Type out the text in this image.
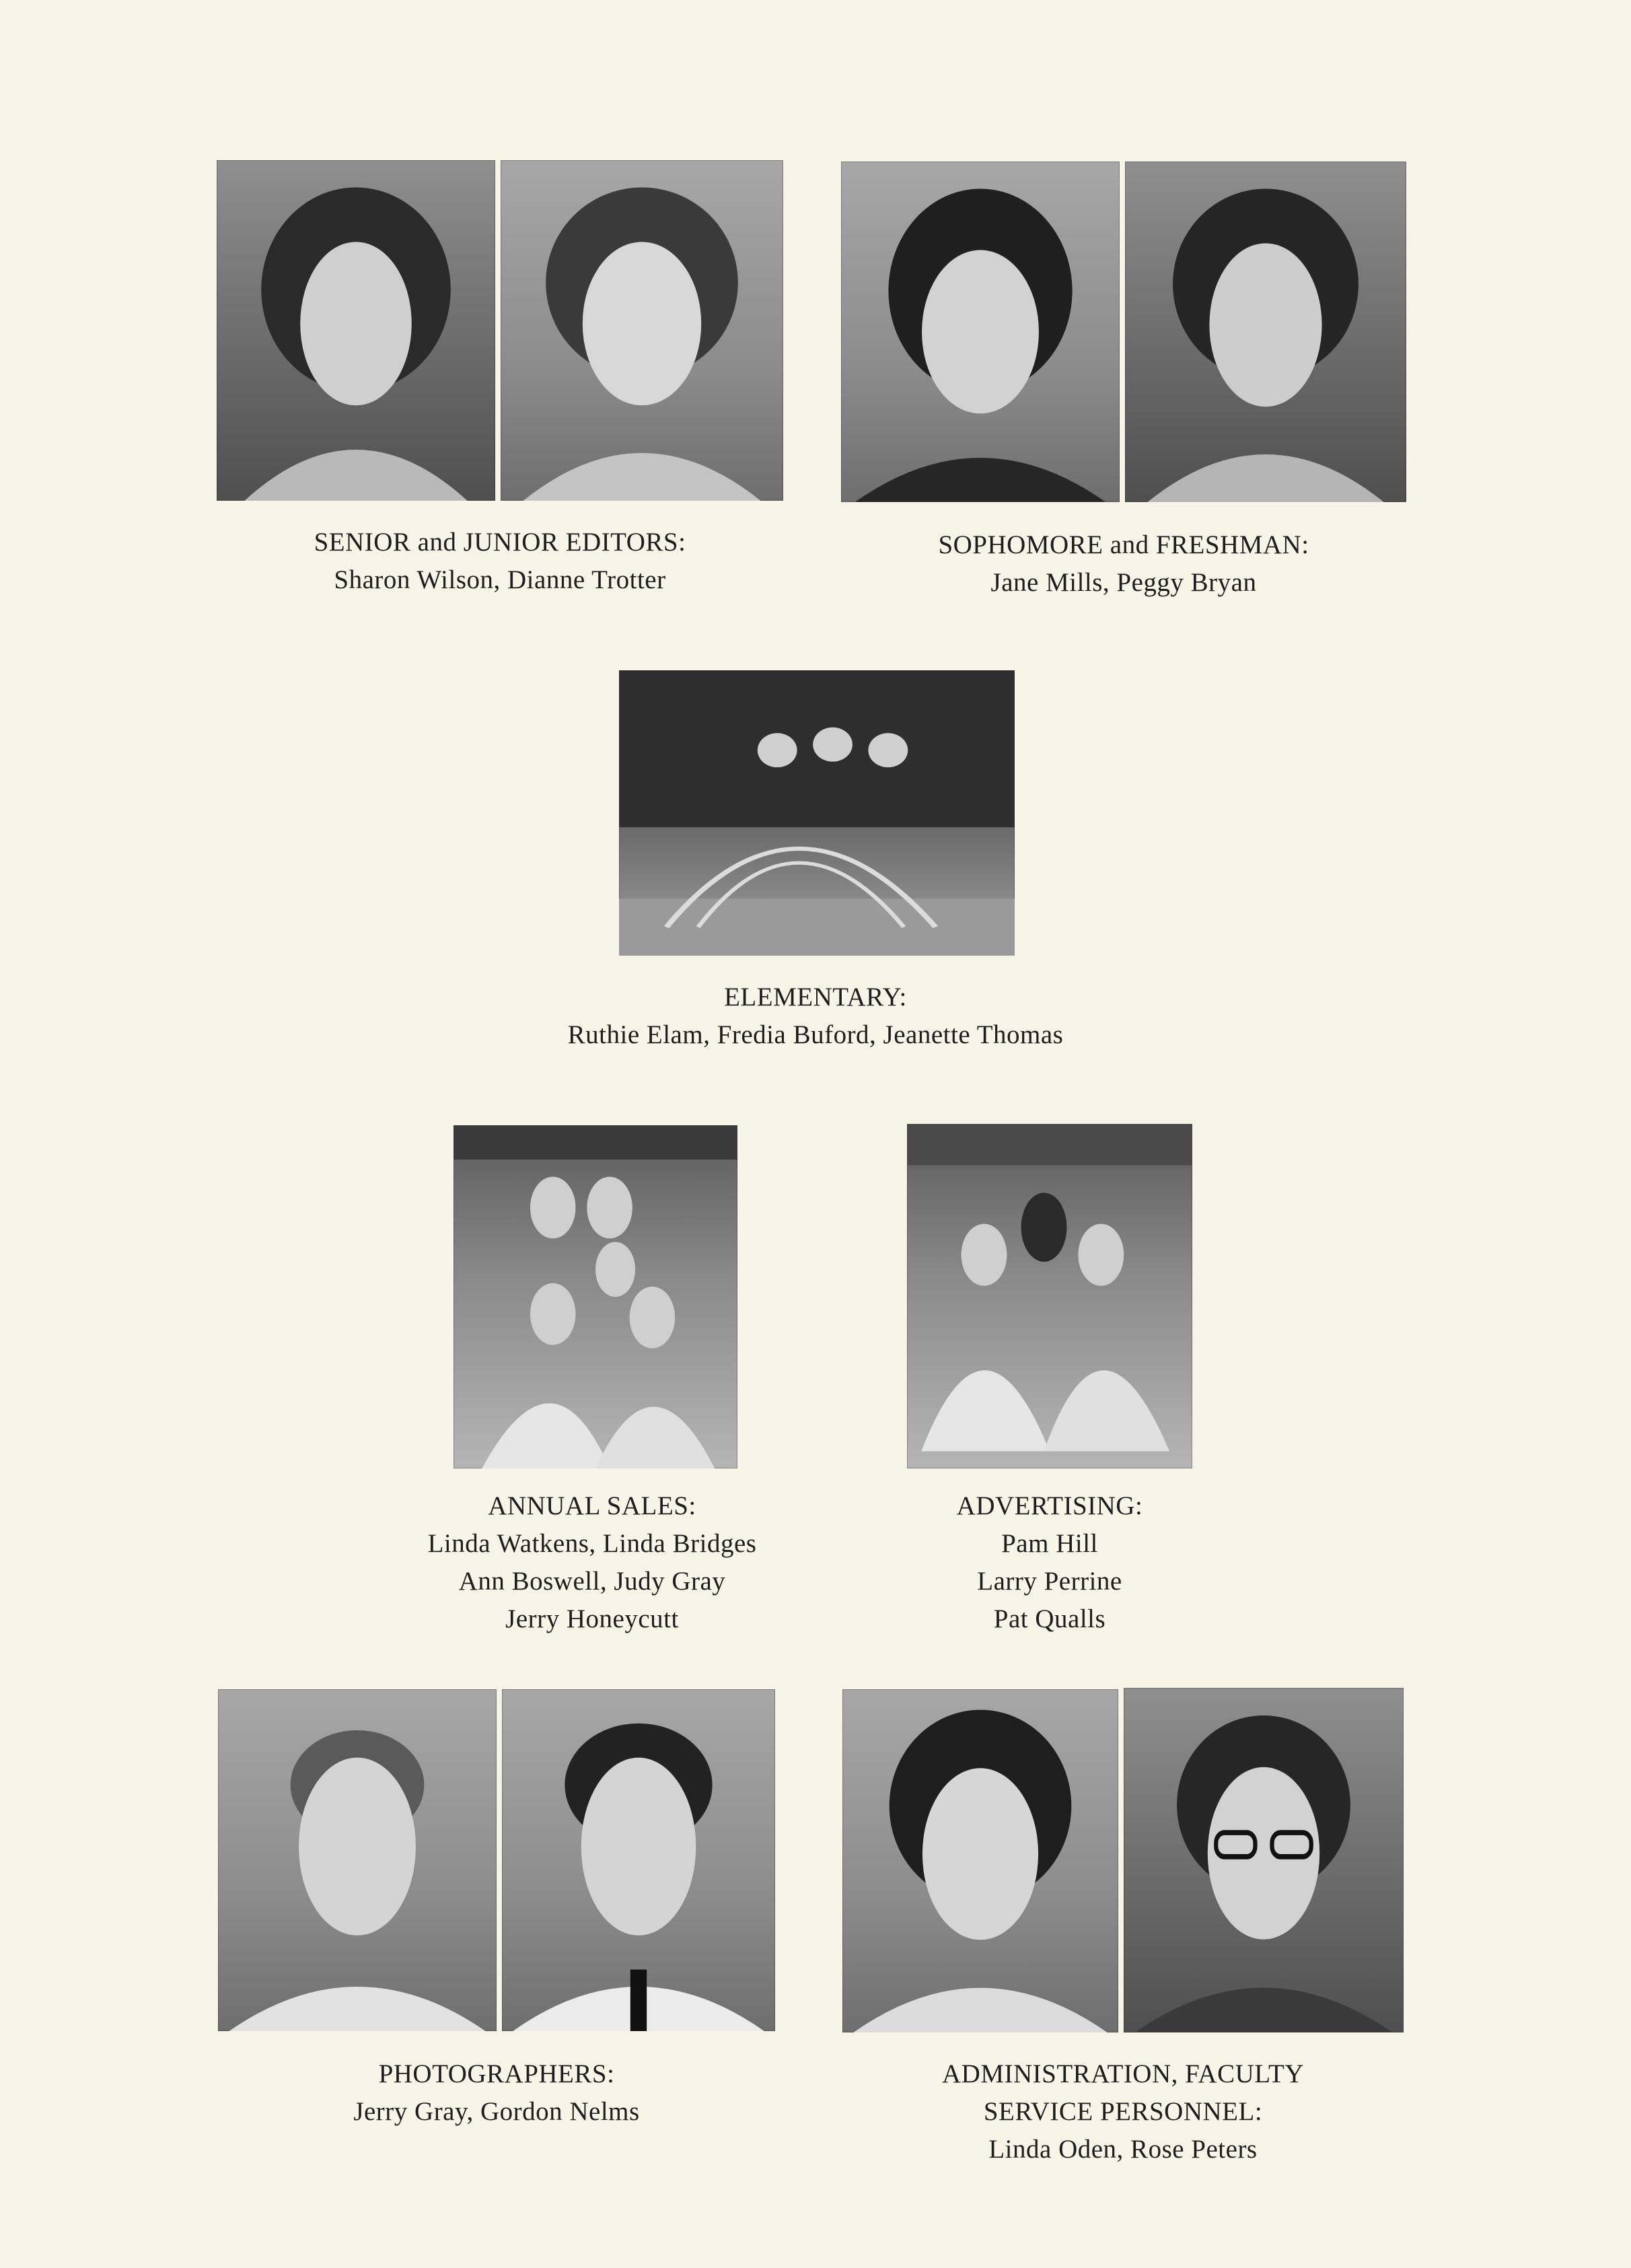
SENIOR and JUNIOR EDITORS:
Sharon Wilson, Dianne Trotter
SOPHOMORE and FRESHMAN:
Jane Mills, Peggy Bryan
ELEMENTARY:
Ruthie Elam, Fredia Buford, Jeanette Thomas
ANNUAL SALES:
Linda Watkens, Linda Bridges
Ann Boswell, Judy Gray
Jerry Honeycutt
ADVERTISING:
Pam Hill
Larry Perrine
Pat Qualls
PHOTOGRAPHERS:
Jerry Gray, Gordon Nelms
ADMINISTRATION, FACULTY
SERVICE PERSONNEL:
Linda Oden, Rose Peters
